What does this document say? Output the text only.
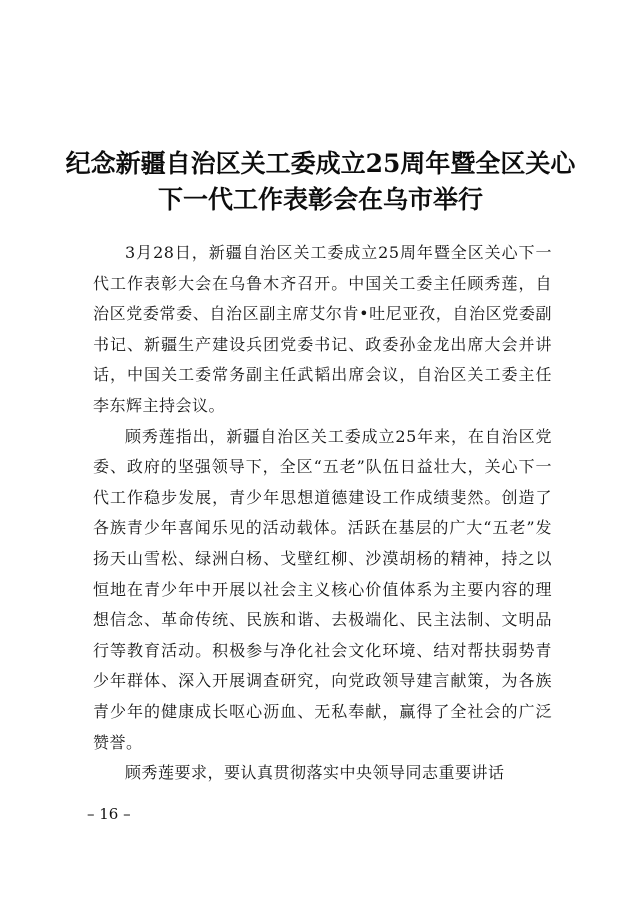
纪念新疆自治区关工委成立25周年暨全区关心
下一代工作表彰会在乌市举行

3月28日，新疆自治区关工委成立25周年暨全区关心下一代工作表彰大会在乌鲁木齐召开。中国关工委主任顾秀莲，自治区党委常委、自治区副主席艾尔肯•吐尼亚孜，自治区党委副书记、新疆生产建设兵团党委书记、政委孙金龙出席大会并讲话，中国关工委常务副主任武韬出席会议，自治区关工委主任李东辉主持会议。

顾秀莲指出，新疆自治区关工委成立25年来，在自治区党委、政府的坚强领导下，全区“五老”队伍日益壮大，关心下一代工作稳步发展，青少年思想道德建设工作成绩斐然。创造了各族青少年喜闻乐见的活动载体。活跃在基层的广大“五老”发扬天山雪松、绿洲白杨、戈壁红柳、沙漠胡杨的精神，持之以恒地在青少年中开展以社会主义核心价值体系为主要内容的理想信念、革命传统、民族和谐、去极端化、民主法制、文明品行等教育活动。积极参与净化社会文化环境、结对帮扶弱势青少年群体、深入开展调查研究，向党政领导建言献策，为各族青少年的健康成长呕心沥血、无私奉献，赢得了全社会的广泛赞誉。

顾秀莲要求，要认真贯彻落实中央领导同志重要讲话

– 16 –
